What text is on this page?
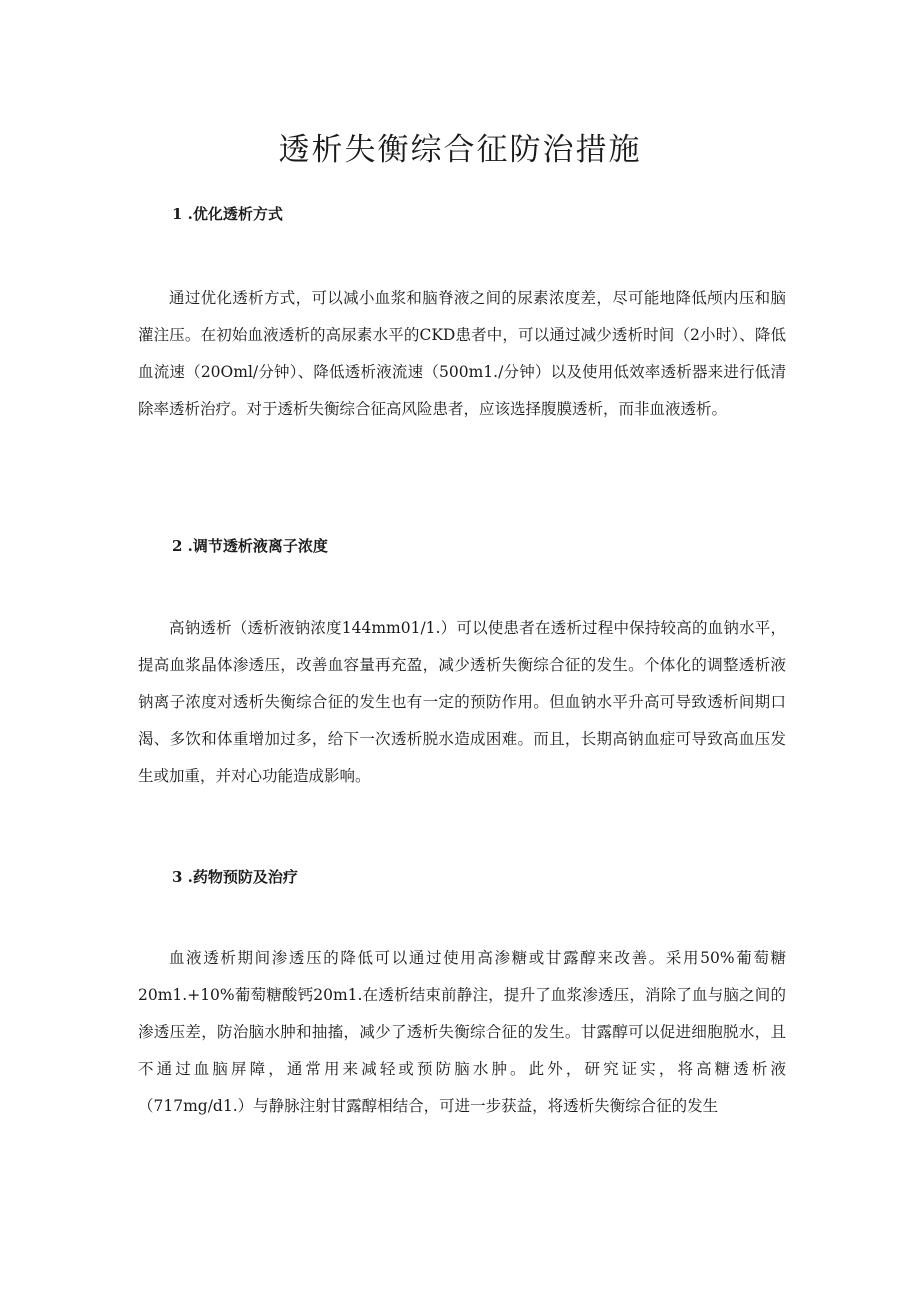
透析失衡综合征防治措施

1 .优化透析方式

通过优化透析方式，可以减小血浆和脑脊液之间的尿素浓度差，尽可能地降低颅内压和脑灌注压。在初始血液透析的高尿素水平的CKD患者中，可以通过减少透析时间（2小时）、降低血流速（20Oml/分钟）、降低透析液流速（500m1./分钟）以及使用低效率透析器来进行低清除率透析治疗。对于透析失衡综合征高风险患者，应该选择腹膜透析，而非血液透析。

2 .调节透析液离子浓度

高钠透析（透析液钠浓度144mm01/1.）可以使患者在透析过程中保持较高的血钠水平，提高血浆晶体渗透压，改善血容量再充盈，减少透析失衡综合征的发生。个体化的调整透析液钠离子浓度对透析失衡综合征的发生也有一定的预防作用。但血钠水平升高可导致透析间期口渴、多饮和体重增加过多，给下一次透析脱水造成困难。而且，长期高钠血症可导致高血压发生或加重，并对心功能造成影响。

3 .药物预防及治疗

血液透析期间渗透压的降低可以通过使用高渗糖或甘露醇来改善。采用50%葡萄糖20m1.+10%葡萄糖酸钙20m1.在透析结束前静注，提升了血浆渗透压，消除了血与脑之间的渗透压差，防治脑水肿和抽搐，减少了透析失衡综合征的发生。甘露醇可以促进细胞脱水，且不通过血脑屏障，通常用来减轻或预防脑水肿。此外，研究证实，将高糖透析液（717mg/d1.）与静脉注射甘露醇相结合，可进一步获益，将透析失衡综合征的发生
